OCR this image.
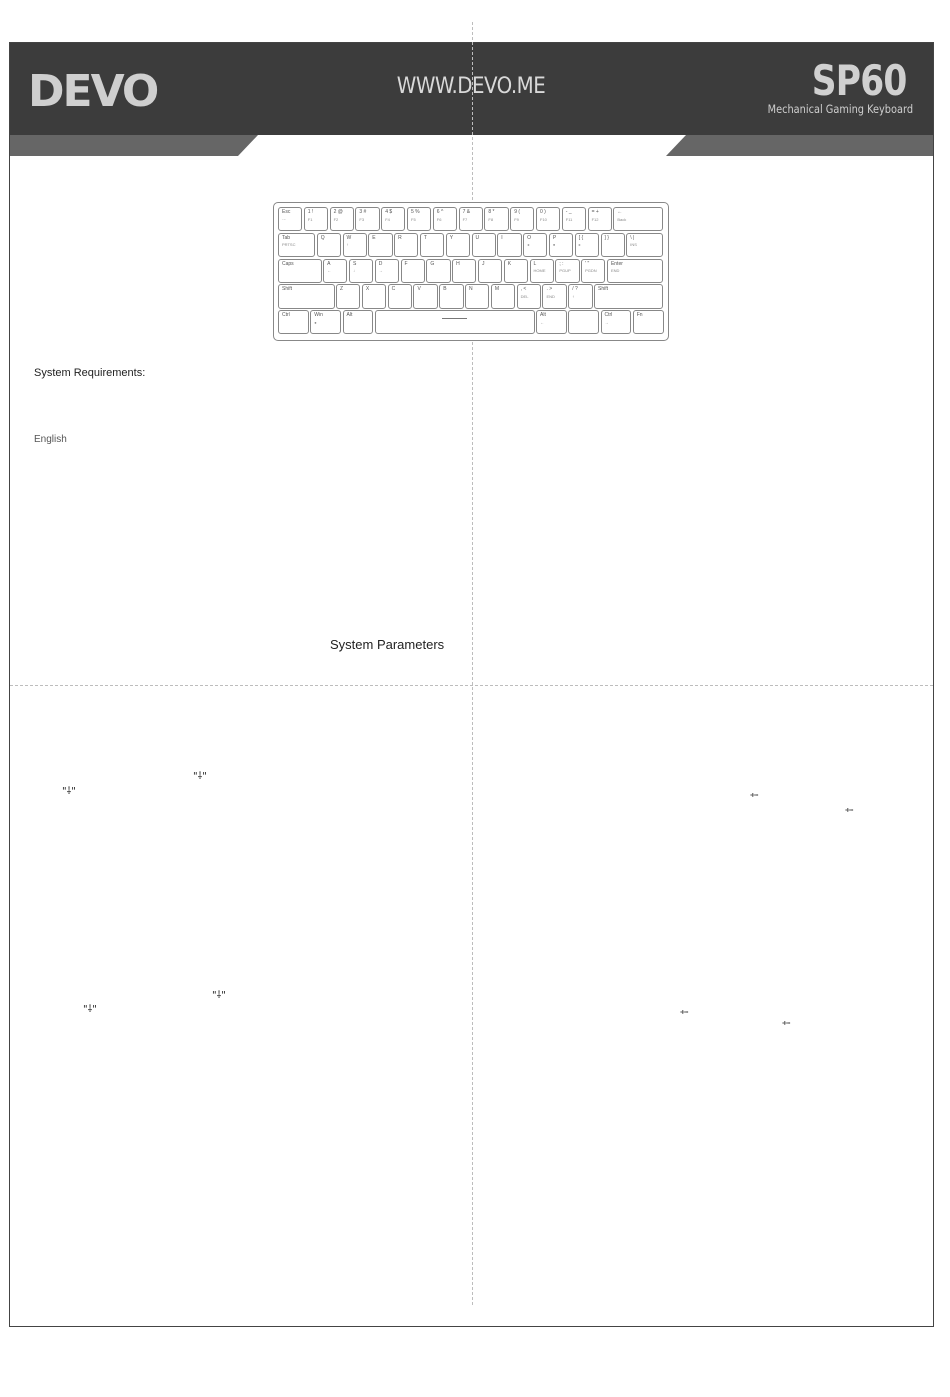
DEVO	WWW.DEVO.ME	SP60
Mechanical Gaming Keyboard
Esc
·~
1 !
F1
2 @
F2
3 #
F3
4 $
F4
5 %
F5
6 ^
F6
7 &
F7
8 *
F8
9 (
F9
0 )
F10
- _
F11
= +
F12
←
Back
Tab
PRTSC
Q	W
↑
E	R	T	Y	U	I	O
◂
P
●
[ {
▸
] }	\ |
INS
Caps	A
←
S
↓
D
→
F	G	H	J	K	L
HOME
; :
PGUP
' "
PGDN
Enter
END
Shift	Z	X	C	V	B	N	M	, <
DEL
. >
END
/ ?
↑
Shift
Ctrl	Win
●
Alt	Alt
←
Ctrl
→
Fn
System Requirements:
English
System Parameters
"⸸"
"⸸"
"⸸"
"⸸"
⸸
⸸
⸸
⸸
